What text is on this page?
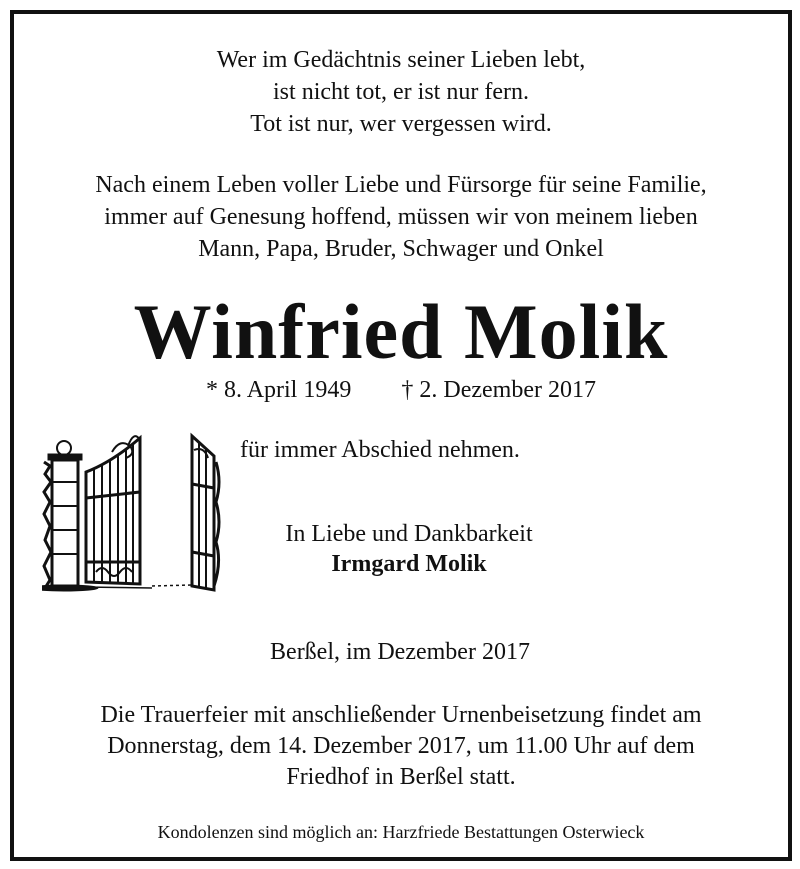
Wer im Gedächtnis seiner Lieben lebt,
ist nicht tot, er ist nur fern.
Tot ist nur, wer vergessen wird.
Nach einem Leben voller Liebe und Fürsorge für seine Familie,
immer auf Genesung hoffend, müssen wir von meinem lieben
Mann, Papa, Bruder, Schwager und Onkel
Winfried Molik
* 8. April 1949 † 2. Dezember 2017
für immer Abschied nehmen.
In Liebe und Dankbarkeit
Irmgard Molik
Berßel, im Dezember 2017
Die Trauerfeier mit anschließender Urnenbeisetzung findet am
Donnerstag, dem 14. Dezember 2017, um 11.00 Uhr auf dem
Friedhof in Berßel statt.
Kondolenzen sind möglich an: Harzfriede Bestattungen Osterwieck
